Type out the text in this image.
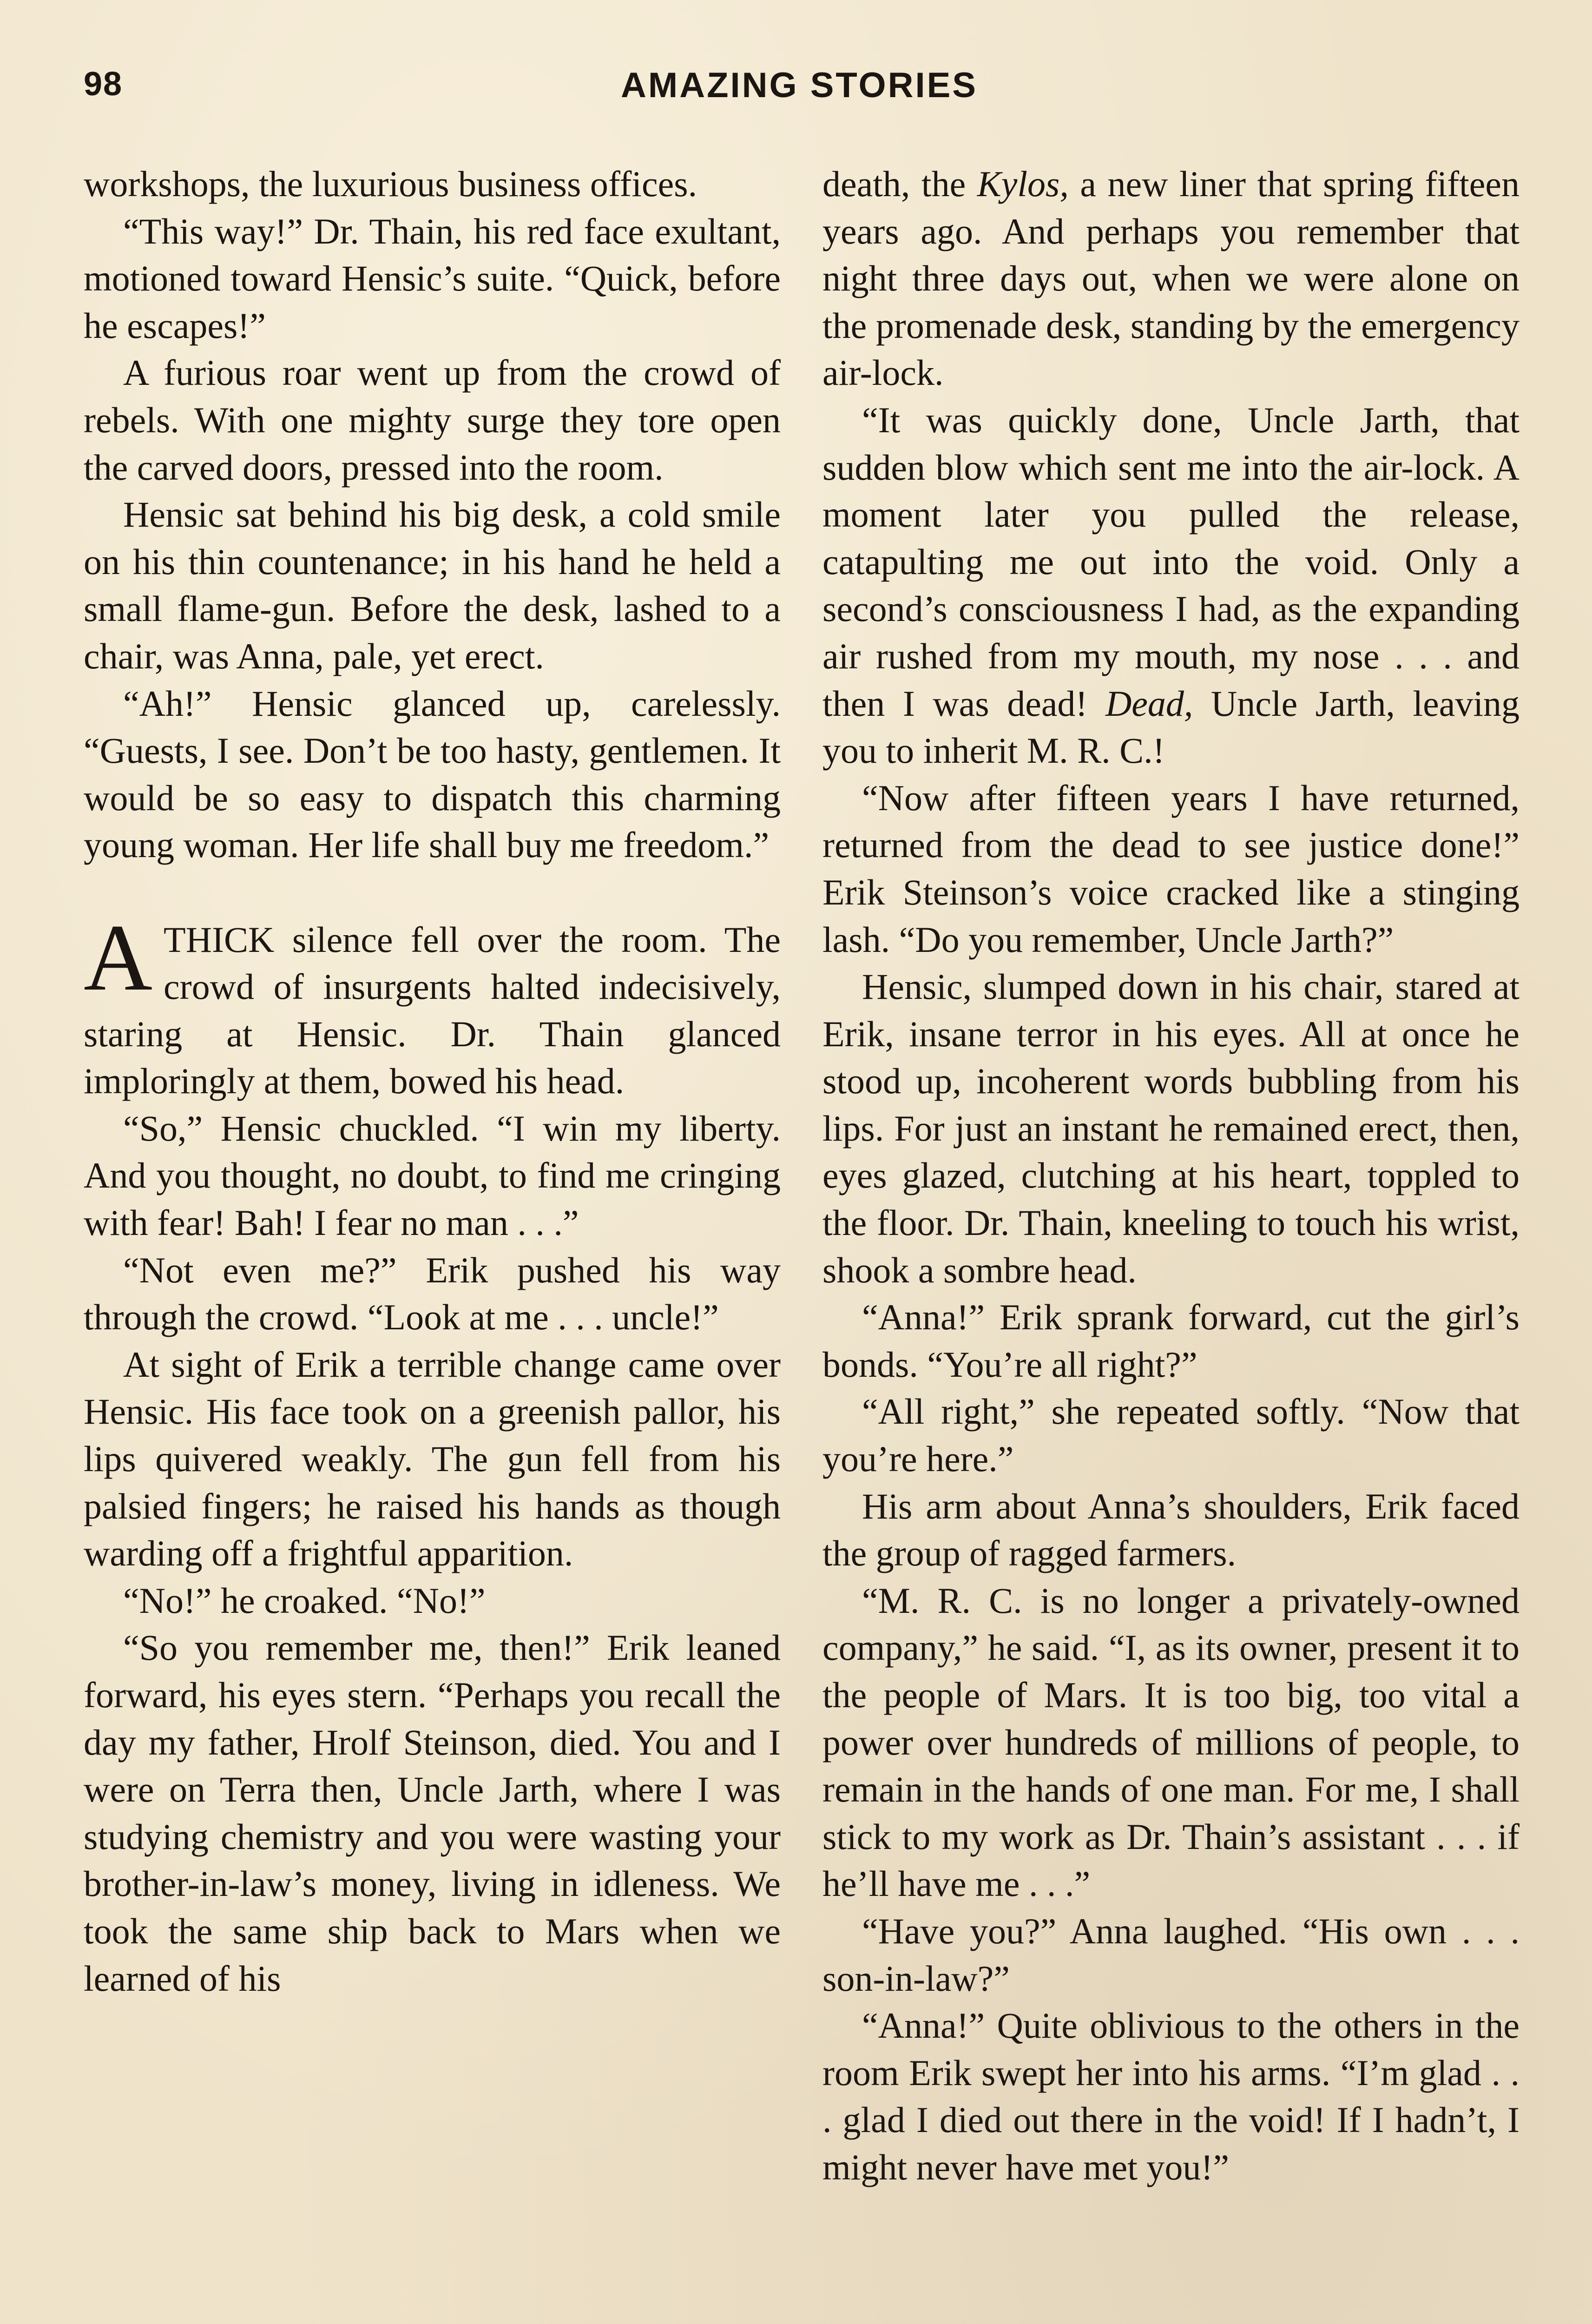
98	AMAZING STORIES

workshops, the luxurious business offices.

“This way!” Dr. Thain, his red face exultant, motioned toward Hensic’s suite. “Quick, before he escapes!”

A furious roar went up from the crowd of rebels. With one mighty surge they tore open the carved doors, pressed into the room.

Hensic sat behind his big desk, a cold smile on his thin countenance; in his hand he held a small flame-gun. Before the desk, lashed to a chair, was Anna, pale, yet erect.

“Ah!” Hensic glanced up, carelessly. “Guests, I see. Don’t be too hasty, gentlemen. It would be so easy to dispatch this charming young woman. Her life shall buy me freedom.”

ATHICK silence fell over the room. The crowd of insurgents halted indecisively, staring at Hensic. Dr. Thain glanced imploringly at them, bowed his head.

“So,” Hensic chuckled. “I win my liberty. And you thought, no doubt, to find me cringing with fear! Bah! I fear no man . . .”

“Not even me?” Erik pushed his way through the crowd. “Look at me . . . uncle!”

At sight of Erik a terrible change came over Hensic. His face took on a greenish pallor, his lips quivered weakly. The gun fell from his palsied fingers; he raised his hands as though warding off a frightful apparition.

“No!” he croaked. “No!”

“So you remember me, then!” Erik leaned forward, his eyes stern. “Perhaps you recall the day my father, Hrolf Steinson, died. You and I were on Terra then, Uncle Jarth, where I was studying chemistry and you were wasting your brother-in-law’s money, living in idleness. We took the same ship back to Mars when we learned of his

death, the Kylos, a new liner that spring fifteen years ago. And perhaps you remember that night three days out, when we were alone on the promenade desk, standing by the emergency air-lock.

“It was quickly done, Uncle Jarth, that sudden blow which sent me into the air-lock. A moment later you pulled the release, catapulting me out into the void. Only a second’s consciousness I had, as the expanding air rushed from my mouth, my nose . . . and then I was dead! Dead, Uncle Jarth, leaving you to inherit M. R. C.!

“Now after fifteen years I have returned, returned from the dead to see justice done!” Erik Steinson’s voice cracked like a stinging lash. “Do you remember, Uncle Jarth?”

Hensic, slumped down in his chair, stared at Erik, insane terror in his eyes. All at once he stood up, incoherent words bubbling from his lips. For just an instant he remained erect, then, eyes glazed, clutching at his heart, toppled to the floor. Dr. Thain, kneeling to touch his wrist, shook a sombre head.

“Anna!” Erik sprank forward, cut the girl’s bonds. “You’re all right?”

“All right,” she repeated softly. “Now that you’re here.”

His arm about Anna’s shoulders, Erik faced the group of ragged farmers.

“M. R. C. is no longer a privately-owned company,” he said. “I, as its owner, present it to the people of Mars. It is too big, too vital a power over hundreds of millions of people, to remain in the hands of one man. For me, I shall stick to my work as Dr. Thain’s assistant . . . if he’ll have me . . .”

“Have you?” Anna laughed. “His own . . . son-in-law?”

“Anna!” Quite oblivious to the others in the room Erik swept her into his arms. “I’m glad . . . glad I died out there in the void! If I hadn’t, I might never have met you!”
